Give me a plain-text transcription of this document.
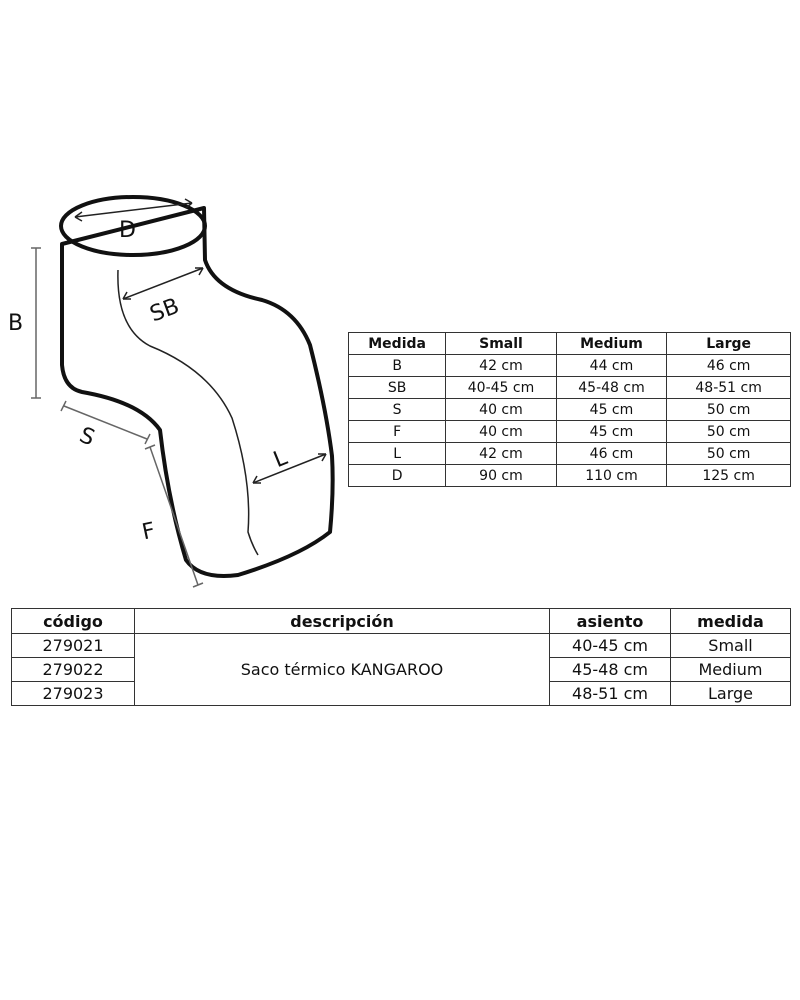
D
SB
B
S
F
L
Medida	Small	Medium	Large
B	42 cm	44 cm	46 cm
SB	40-45 cm	45-48 cm	48-51 cm
S	40 cm	45 cm	50 cm
F	40 cm	45 cm	50 cm
L	42 cm	46 cm	50 cm
D	90 cm	110 cm	125 cm
código	descripción	asiento	medida
279021	Saco térmico KANGAROO	40-45 cm	Small
279022		45-48 cm	Medium
279023		48-51 cm	Large
